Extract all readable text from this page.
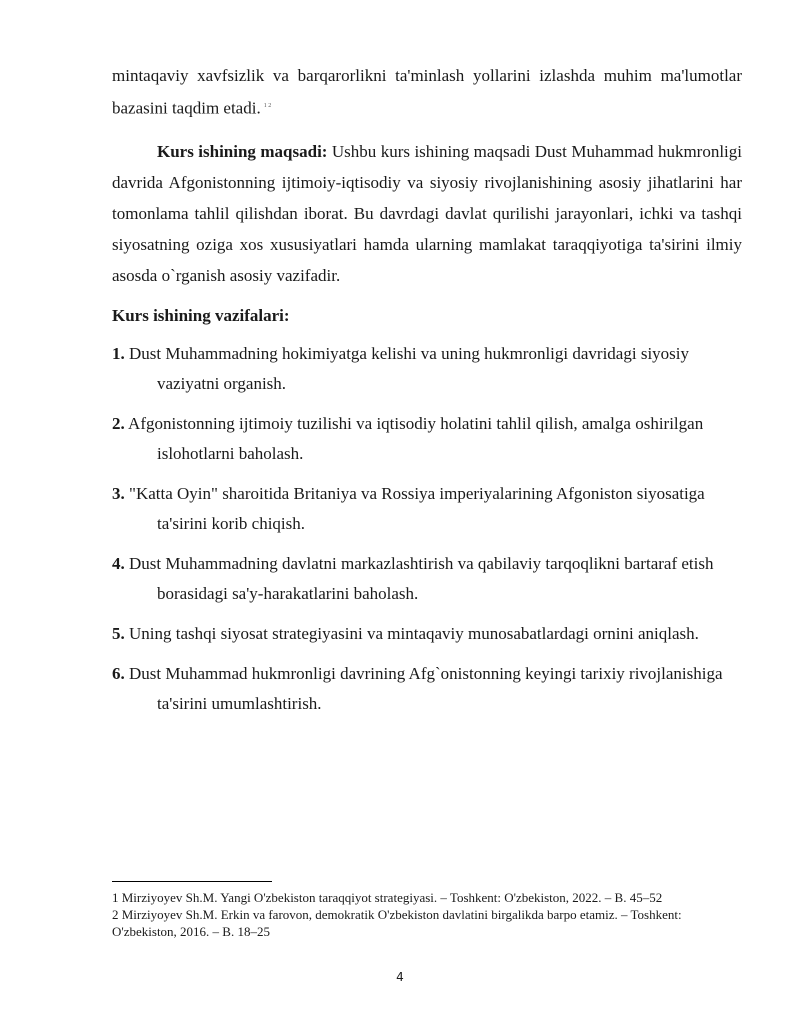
mintaqaviy xavfsizlik va barqarorlikni ta'minlash yollarini izlashda muhim ma'lumotlar bazasini taqdim etadi. $^{1 2}$

Kurs ishining maqsadi: Ushbu kurs ishining maqsadi Dust Muhammad hukmronligi davrida Afgonistonning ijtimoiy-iqtisodiy va siyosiy rivojlanishining asosiy jihatlarini har tomonlama tahlil qilishdan iborat. Bu davrdagi davlat qurilishi jarayonlari, ichki va tashqi siyosatning oziga xos xususiyatlari hamda ularning mamlakat taraqqiyotiga ta'sirini ilmiy asosda o`rganish asosiy vazifadir.

Kurs ishining vazifalari:
1. Dust Muhammadning hokimiyatga kelishi va uning hukmronligi davridagi siyosiy vaziyatni organish.
2. Afgonistonning ijtimoiy tuzilishi va iqtisodiy holatini tahlil qilish, amalga oshirilgan islohotlarni baholash.
3. "Katta Oyin" sharoitida Britaniya va Rossiya imperiyalarining Afgoniston siyosatiga ta'sirini korib chiqish.
4. Dust Muhammadning davlatni markazlashtirish va qabilaviy tarqoqlikni bartaraf etish borasidagi sa'y-harakatlarini baholash.
5. Uning tashqi siyosat strategiyasini va mintaqaviy munosabatlardagi ornini aniqlash.
6. Dust Muhammad hukmronligi davrining Afg`onistonning keyingi tarixiy rivojlanishiga ta'sirini umumlashtirish.

1 Mirziyoyev Sh.M. Yangi O'zbekiston taraqqiyot strategiyasi. – Toshkent: O'zbekiston, 2022. – B. 45–52

2 Mirziyoyev Sh.M. Erkin va farovon, demokratik O'zbekiston davlatini birgalikda barpo etamiz. – Toshkent: O'zbekiston, 2016. – B. 18–25

4
